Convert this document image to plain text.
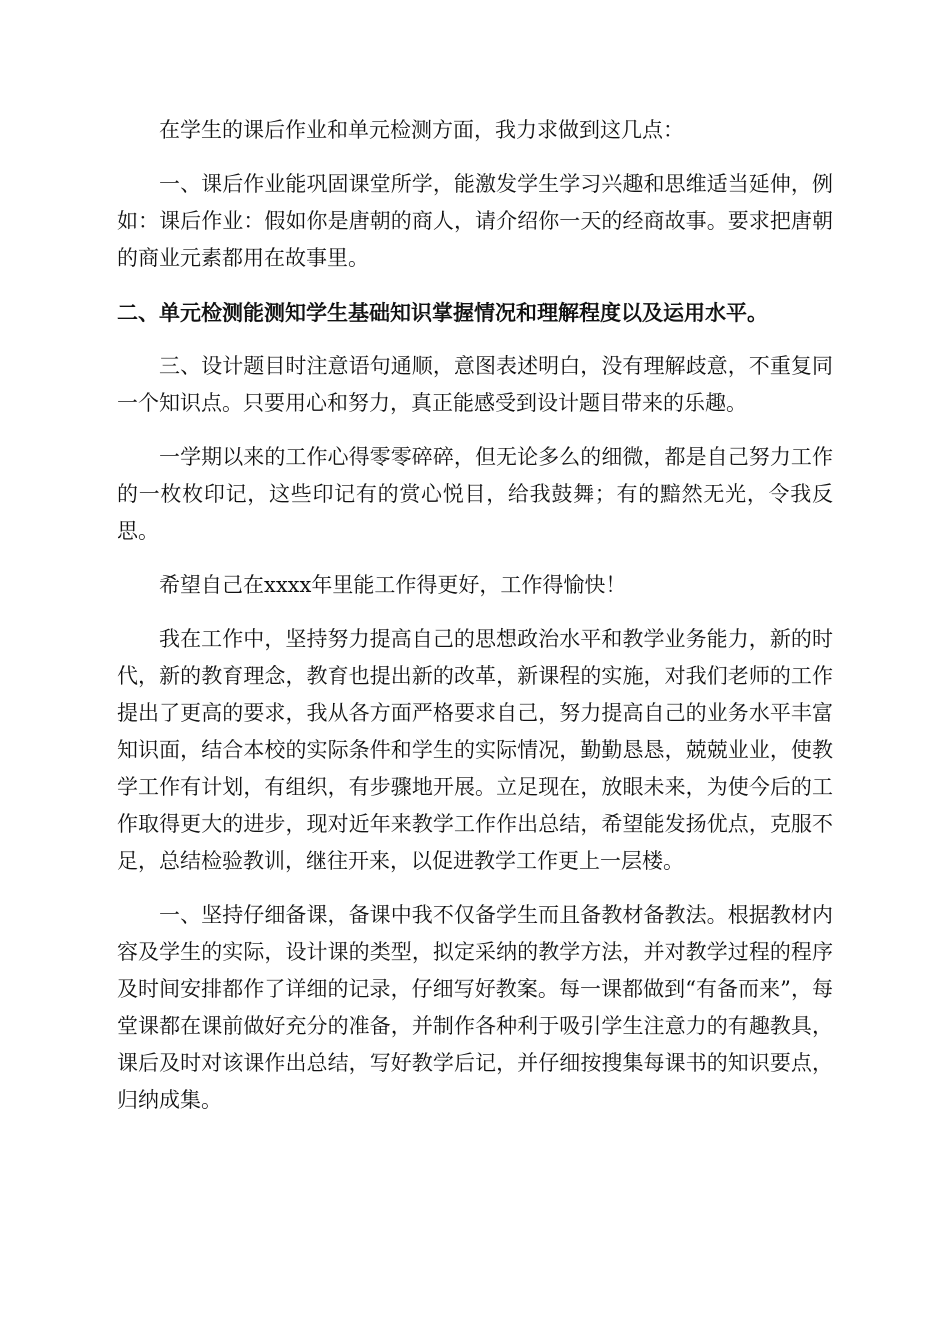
在学生的课后作业和单元检测方面，我力求做到这几点：

一、课后作业能巩固课堂所学，能激发学生学习兴趣和思维适当延伸，例如：课后作业：假如你是唐朝的商人，请介绍你一天的经商故事。要求把唐朝的商业元素都用在故事里。

二、单元检测能测知学生基础知识掌握情况和理解程度以及运用水平。

三、设计题目时注意语句通顺，意图表述明白，没有理解歧意，不重复同一个知识点。只要用心和努力，真正能感受到设计题目带来的乐趣。

一学期以来的工作心得零零碎碎，但无论多么的细微，都是自己努力工作的一枚枚印记，这些印记有的赏心悦目，给我鼓舞；有的黯然无光，令我反思。

希望自己在xxxx年里能工作得更好，工作得愉快！

我在工作中，坚持努力提高自己的思想政治水平和教学业务能力，新的时代，新的教育理念，教育也提出新的改革，新课程的实施，对我们老师的工作提出了更高的要求，我从各方面严格要求自己，努力提高自己的业务水平丰富知识面，结合本校的实际条件和学生的实际情况，勤勤恳恳，兢兢业业，使教学工作有计划，有组织，有步骤地开展。立足现在，放眼未来，为使今后的工作取得更大的进步，现对近年来教学工作作出总结，希望能发扬优点，克服不足，总结检验教训，继往开来，以促进教学工作更上一层楼。

一、坚持仔细备课，备课中我不仅备学生而且备教材备教法。根据教材内容及学生的实际，设计课的类型，拟定采纳的教学方法，并对教学过程的程序及时间安排都作了详细的记录，仔细写好教案。每一课都做到“有备而来”，每堂课都在课前做好充分的准备，并制作各种利于吸引学生注意力的有趣教具，课后及时对该课作出总结，写好教学后记，并仔细按搜集每课书的知识要点，归纳成集。
